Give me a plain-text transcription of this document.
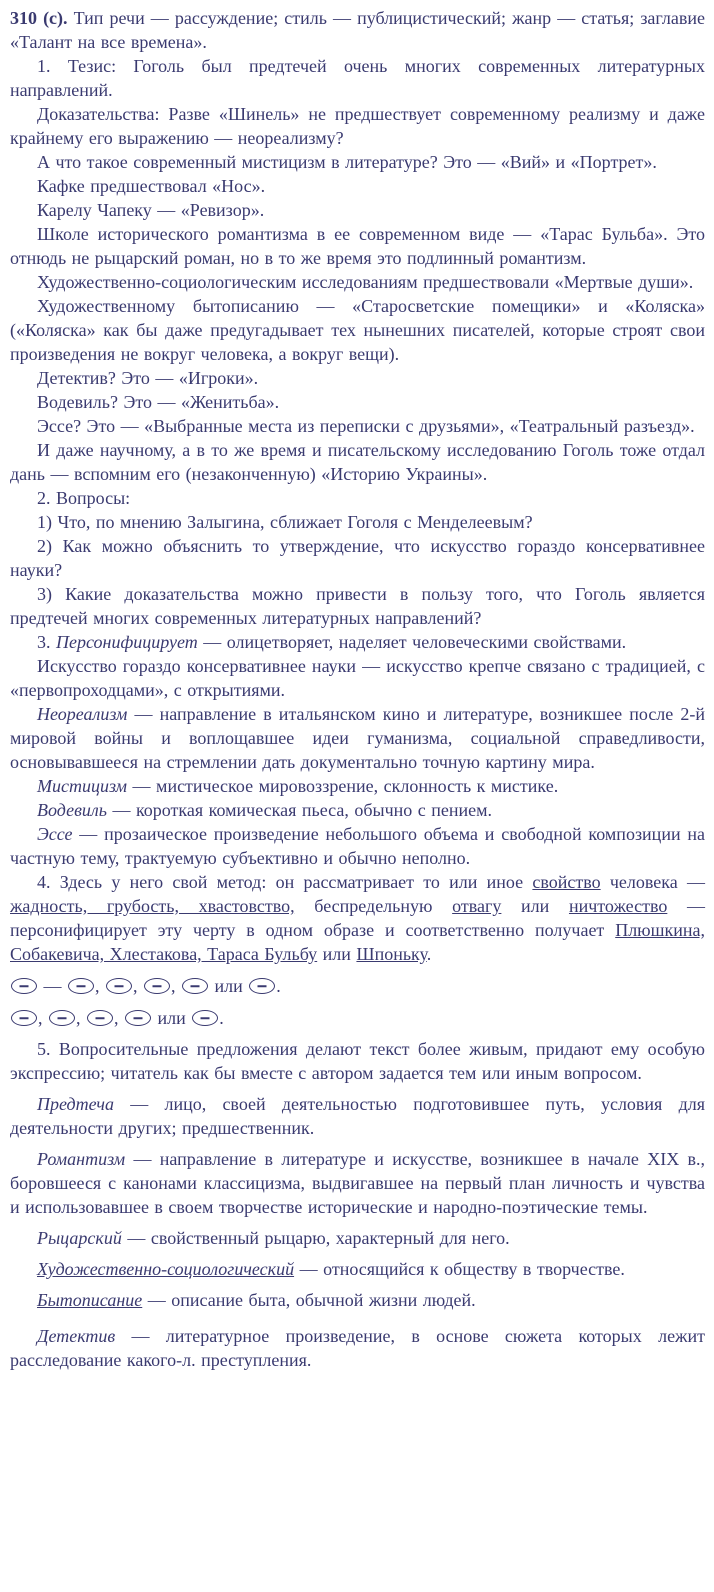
310 (с). Тип речи — рассуждение; стиль — публицистический; жанр — статья; заглавие «Талант на все времена».

1. Тезис: Гоголь был предтечей очень многих современных литературных направлений.

Доказательства: Разве «Шинель» не предшествует современному реализму и даже крайнему его выражению — неореализму?

А что такое современный мистицизм в литературе? Это — «Вий» и «Портрет».

Кафке предшествовал «Нос».

Карелу Чапеку — «Ревизор».

Школе исторического романтизма в ее современном виде — «Тарас Бульба». Это отнюдь не рыцарский роман, но в то же время это подлинный романтизм.

Художественно-социологическим исследованиям предшествовали «Мертвые души».

Художественному бытописанию — «Старосветские помещики» и «Коляска» («Коляска» как бы даже предугадывает тех нынешних писателей, которые строят свои произведения не вокруг человека, а вокруг вещи).

Детектив? Это — «Игроки».

Водевиль? Это — «Женитьба».

Эссе? Это — «Выбранные места из переписки с друзьями», «Театральный разъезд».

И даже научному, а в то же время и писательскому исследованию Гоголь тоже отдал дань — вспомним его (незаконченную) «Историю Украины».

2. Вопросы:

1) Что, по мнению Залыгина, сближает Гоголя с Менделеевым?

2) Как можно объяснить то утверждение, что искусство гораздо консервативнее науки?

3) Какие доказательства можно привести в пользу того, что Гоголь является предтечей многих современных литературных направлений?

3. Персонифицирует — олицетворяет, наделяет человеческими свойствами.

Искусство гораздо консервативнее науки — искусство крепче связано с традицией, с «первопроходцами», с открытиями.

Неореализм — направление в итальянском кино и литературе, возникшее после 2-й мировой войны и воплощавшее идеи гуманизма, социальной справедливости, основывавшееся на стремлении дать документально точную картину мира.

Мистицизм — мистическое мировоззрение, склонность к мистике.

Водевиль — короткая комическая пьеса, обычно с пением.

Эссе — прозаическое произведение небольшого объема и свободной композиции на частную тему, трактуемую субъективно и обычно неполно.

4. Здесь у него свой метод: он рассматривает то или иное свойство человека — жадность, грубость, хвастовство, беспредельную отвагу или ничтожество — персонифицирует эту черту в одном образе и соответственно получает Плюшкина, Собакевича, Хлестакова, Тараса Бульбу или Шпоньку.

—
,
,
,
или
.

,
,
,
или
.

5. Вопросительные предложения делают текст более живым, придают ему особую экспрессию; читатель как бы вместе с автором задается тем или иным вопросом.

Предтеча — лицо, своей деятельностью подготовившее путь, условия для деятельности других; предшественник.

Романтизм — направление в литературе и искусстве, возникшее в начале XIX в., боровшееся с канонами классицизма, выдвигавшее на первый план личность и чувства и использовавшее в своем творчестве исторические и народно-поэтические темы.

Рыцарский — свойственный рыцарю, характерный для него.

Художественно-социологический — относящийся к обществу в творчестве.

Бытописание — описание быта, обычной жизни людей.

Детектив — литературное произведение, в основе сюжета которых лежит расследование какого-л. преступления.
